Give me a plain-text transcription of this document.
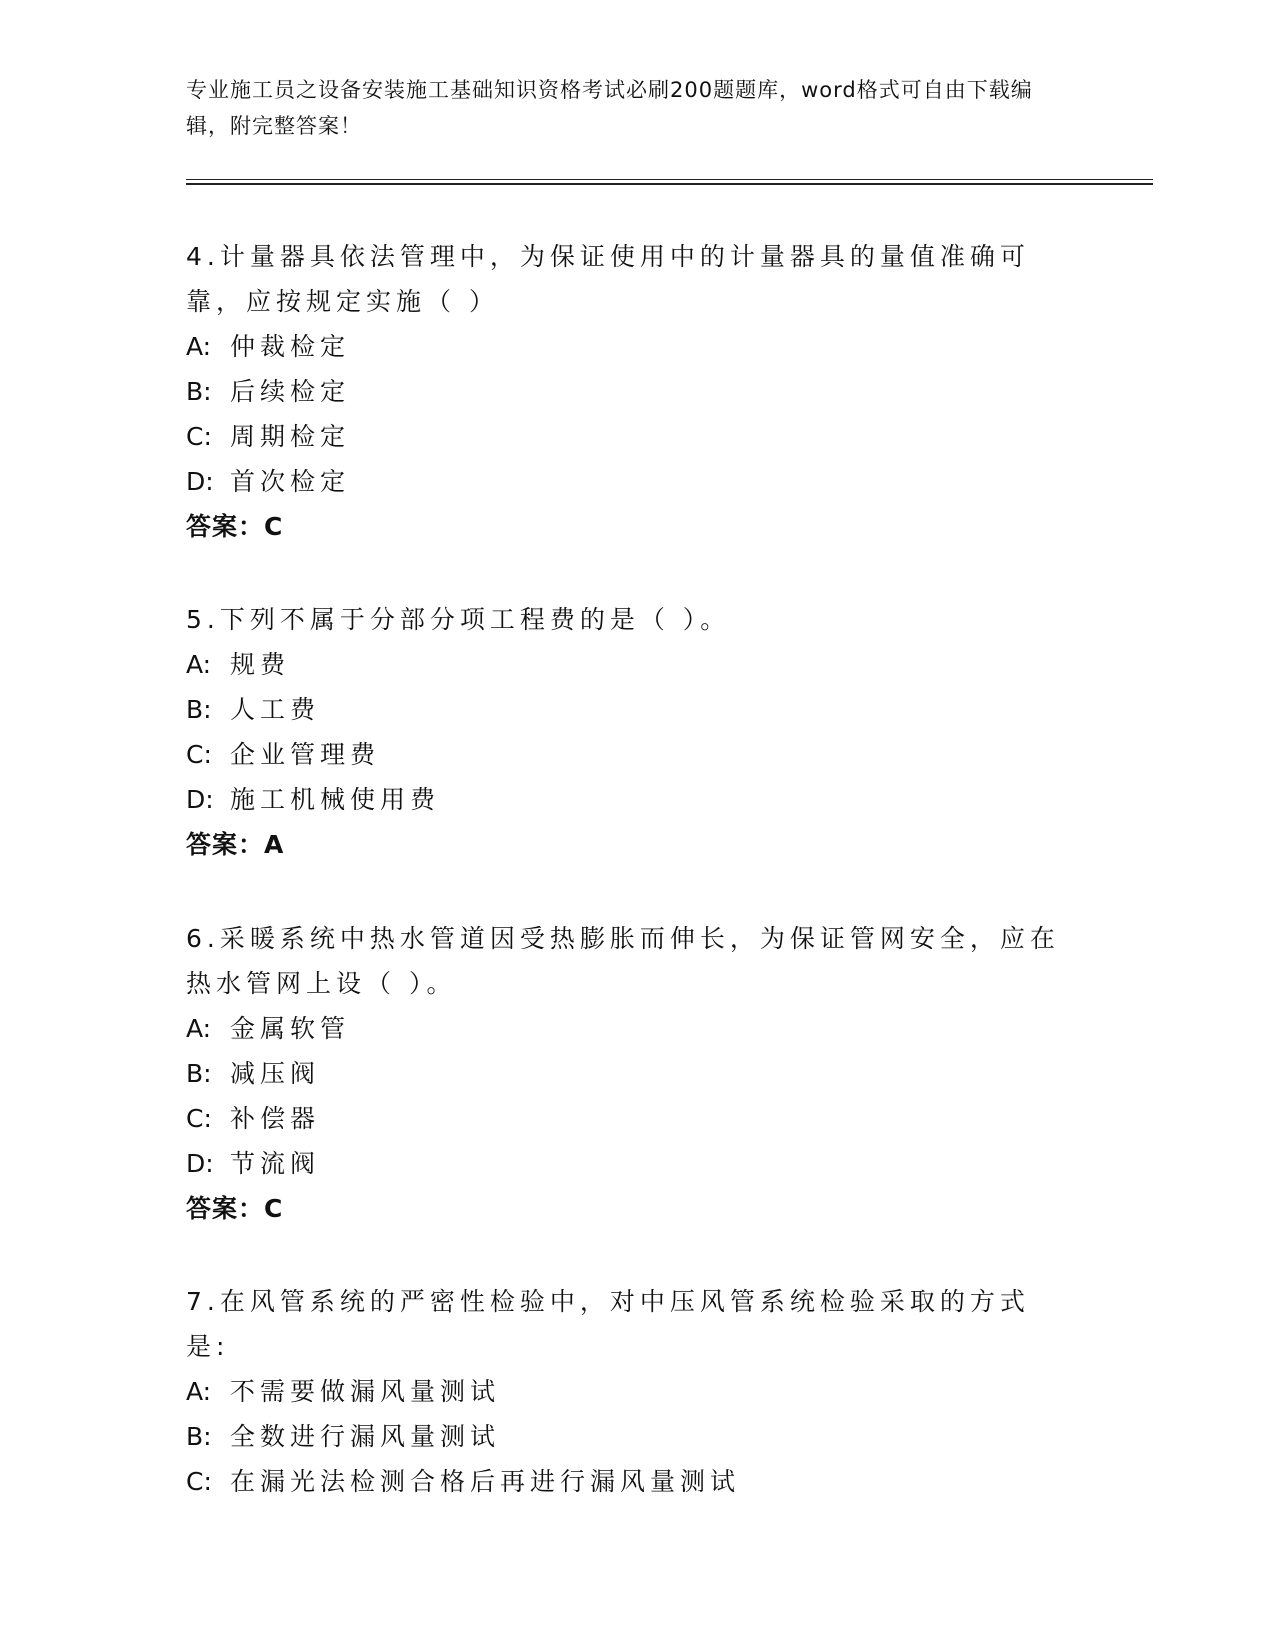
专业施工员之设备安装施工基础知识资格考试必刷200题题库，word格式可自由下载编辑，附完整答案！

4.计量器具依法管理中，为保证使用中的计量器具的量值准确可靠，应按规定实施（ ）

A: 仲裁检定
B: 后续检定
C: 周期检定
D: 首次检定

答案：C

5.下列不属于分部分项工程费的是（ ）。

A: 规费
B: 人工费
C: 企业管理费
D: 施工机械使用费

答案：A

6.采暖系统中热水管道因受热膨胀而伸长，为保证管网安全，应在热水管网上设（ ）。

A: 金属软管
B: 减压阀
C: 补偿器
D: 节流阀

答案：C

7.在风管系统的严密性检验中，对中压风管系统检验采取的方式是:

A: 不需要做漏风量测试
B: 全数进行漏风量测试
C: 在漏光法检测合格后再进行漏风量测试
